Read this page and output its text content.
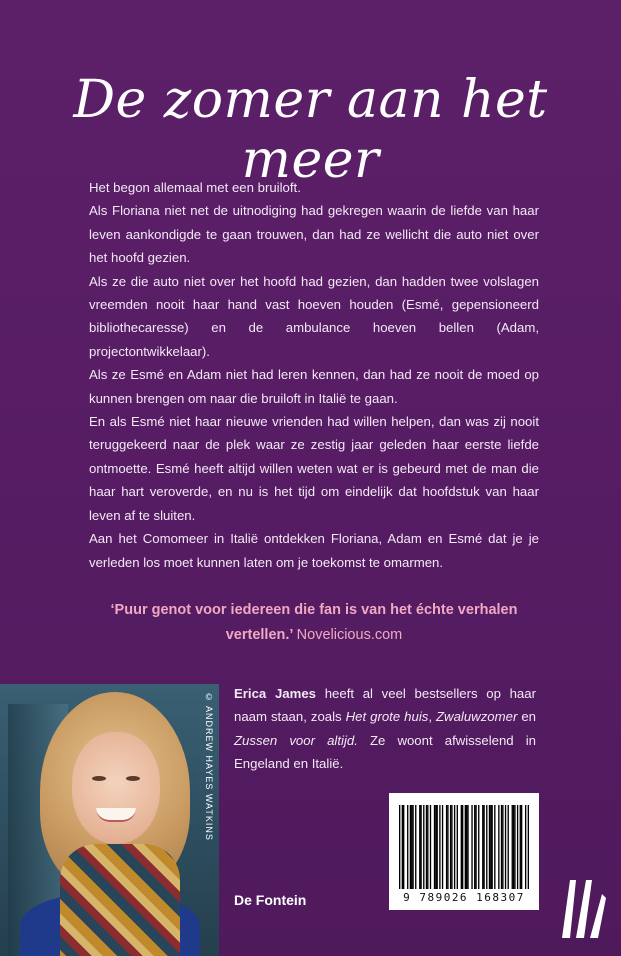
De zomer aan het meer

Het begon allemaal met een bruiloft.

Als Floriana niet net de uitnodiging had gekregen waarin de liefde van haar leven aankondigde te gaan trouwen, dan had ze wellicht die auto niet over het hoofd gezien.

Als ze die auto niet over het hoofd had gezien, dan hadden twee volslagen vreemden nooit haar hand vast hoeven houden (Esmé, gepensioneerd bibliothecaresse) en de ambulance hoeven bellen (Adam, projectontwikkelaar).

Als ze Esmé en Adam niet had leren kennen, dan had ze nooit de moed op kunnen brengen om naar die bruiloft in Italië te gaan.

En als Esmé niet haar nieuwe vrienden had willen helpen, dan was zij nooit teruggekeerd naar de plek waar ze zestig jaar geleden haar eerste liefde ontmoette. Esmé heeft altijd willen weten wat er is gebeurd met de man die haar hart veroverde, en nu is het tijd om eindelijk dat hoofdstuk van haar leven af te sluiten.

Aan het Comomeer in Italië ontdekken Floriana, Adam en Esmé dat je je verleden los moet kunnen laten om je toekomst te omarmen.

‘Puur genot voor iedereen die fan is van het échte verhalen vertellen.’ Novelicious.com
© ANDREW HAYES WATKINS Erica James heeft al veel bestsellers op haar naam staan, zoals Het grote huis, Zwaluwzomer en Zussen voor altijd. Ze woont afwisselend in Engeland en Italië.
De Fontein	9 789026 168307
